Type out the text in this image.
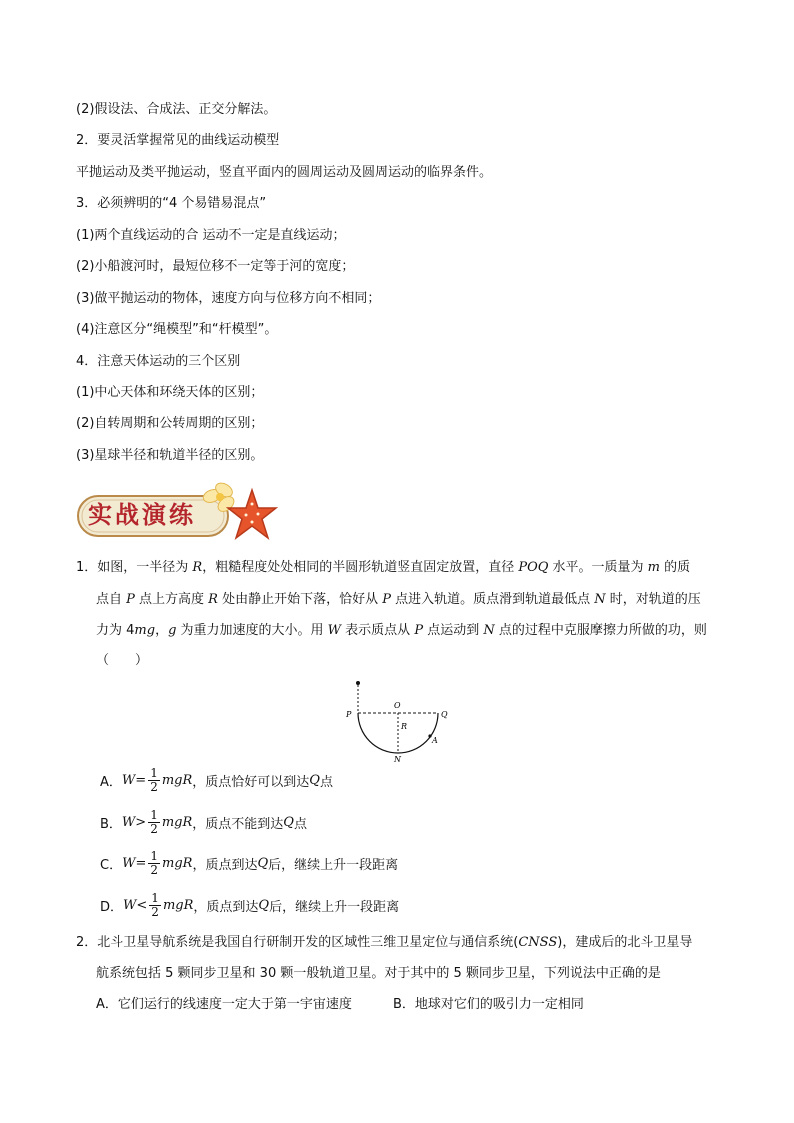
(2)假设法、合成法、正交分解法。
2．要灵活掌握常见的曲线运动模型
平抛运动及类平抛运动，竖直平面内的圆周运动及圆周运动的临界条件。
3．必须辨明的“4 个易错易混点”
(1)两个直线运动的合 运动不一定是直线运动；
(2)小船渡河时，最短位移不一定等于河的宽度；
(3)做平抛运动的物体，速度方向与位移方向不相同；
(4)注意区分“绳模型”和“杆模型”。
4．注意天体运动的三个区别
(1)中心天体和环绕天体的区别；
(2)自转周期和公转周期的区别；
(3)星球半径和轨道半径的区别。
实战演练
1．如图，一半径为 R，粗糙程度处处相同的半圆形轨道竖直固定放置，直径 POQ 水平。一质量为 m 的质
点自 P 点上方高度 R 处由静止开始下落，恰好从 P 点进入轨道。质点滑到轨道最低点 N 时，对轨道的压
力为 4mg，g 为重力加速度的大小。用 W 表示质点从 P 点运动到 N 点的过程中克服摩擦力所做的功，则
（　　）
P
O
Q
R
N
A
A． $W = \frac{1}{2}$ mgR ，质点恰好可以到达 Q 点
B． $W > \frac{1}{2}$ mgR ，质点不能到达 Q 点
C． $W = \frac{1}{2}$ mgR ，质点到达 Q 后，继续上升一段距离
D． $W < \frac{1}{2}$ mgR ，质点到达 Q 后，继续上升一段距离
2．北斗卫星导航系统是我国自行研制开发的区域性三维卫星定位与通信系统(CNSS)，建成后的北斗卫星导
航系统包括 5 颗同步卫星和 30 颗一般轨道卫星。对于其中的 5 颗同步卫星，下列说法中正确的是
A．它们运行的线速度一定大于第一宇宙速度	B．地球对它们的吸引力一定相同
